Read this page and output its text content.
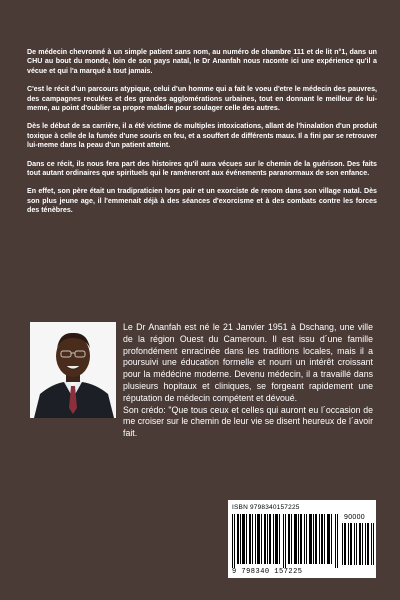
De médecin chevronné à un simple patient sans nom, au numéro de chambre 111 et de lit n°1, dans un CHU au bout du monde, loin de son pays natal, le Dr Ananfah nous raconte ici une expérience qu'il a vécue et qui l'a marqué à tout jamais.

C'est le récit d'un parcours atypique, celui d'un homme qui a fait le voeu d'etre le médecin des pauvres, des campagnes reculées et des grandes agglomérations urbaines, tout en donnant le meilleur de lui-meme, au point d'oublier sa propre maladie pour soulager celle des autres.

Dès le début de sa carrière, il a été victime de multiples intoxications, allant de l'hinalation d'un produit toxique à celle de la fumée d'une souris en feu, et a souffert de différents maux. Il a fini par se retrouver lui-meme dans la peau d'un patient atteint.

Dans ce récit, ils nous fera part des histoires qu'il aura vécues sur le chemin de la guérison. Des faits tout autant ordinaires que spirituels qui le ramèneront aux événements paranormaux de son enfance.

En effet, son père était un tradipraticien hors pair et un exorciste de renom dans son village natal. Dès son plus jeune age, il l'emmenait déjà à des séances d'exorcisme et à des combats contre les forces des ténèbres.

Le Dr Ananfah est né le 21 Janvier 1951 à Dschang, une ville de la région Ouest du Cameroun. Il est issu d´une famille profondément enracinée dans les traditions locales, mais il a poursuivi une éducation formelle et nourri un intérêt croissant pour la médécine moderne. Devenu médecin, il a travaillé dans plusieurs hopitaux et cliniques, se forgeant rapidement une réputation de médecin compétent et dévoué.

Son crédo: "Que tous ceux et celles qui auront eu l´occasion de me croiser sur le chemin de leur vie se disent heureux de l´avoir fait.

ISBN 9798340157225
90000
9 798340 157225
